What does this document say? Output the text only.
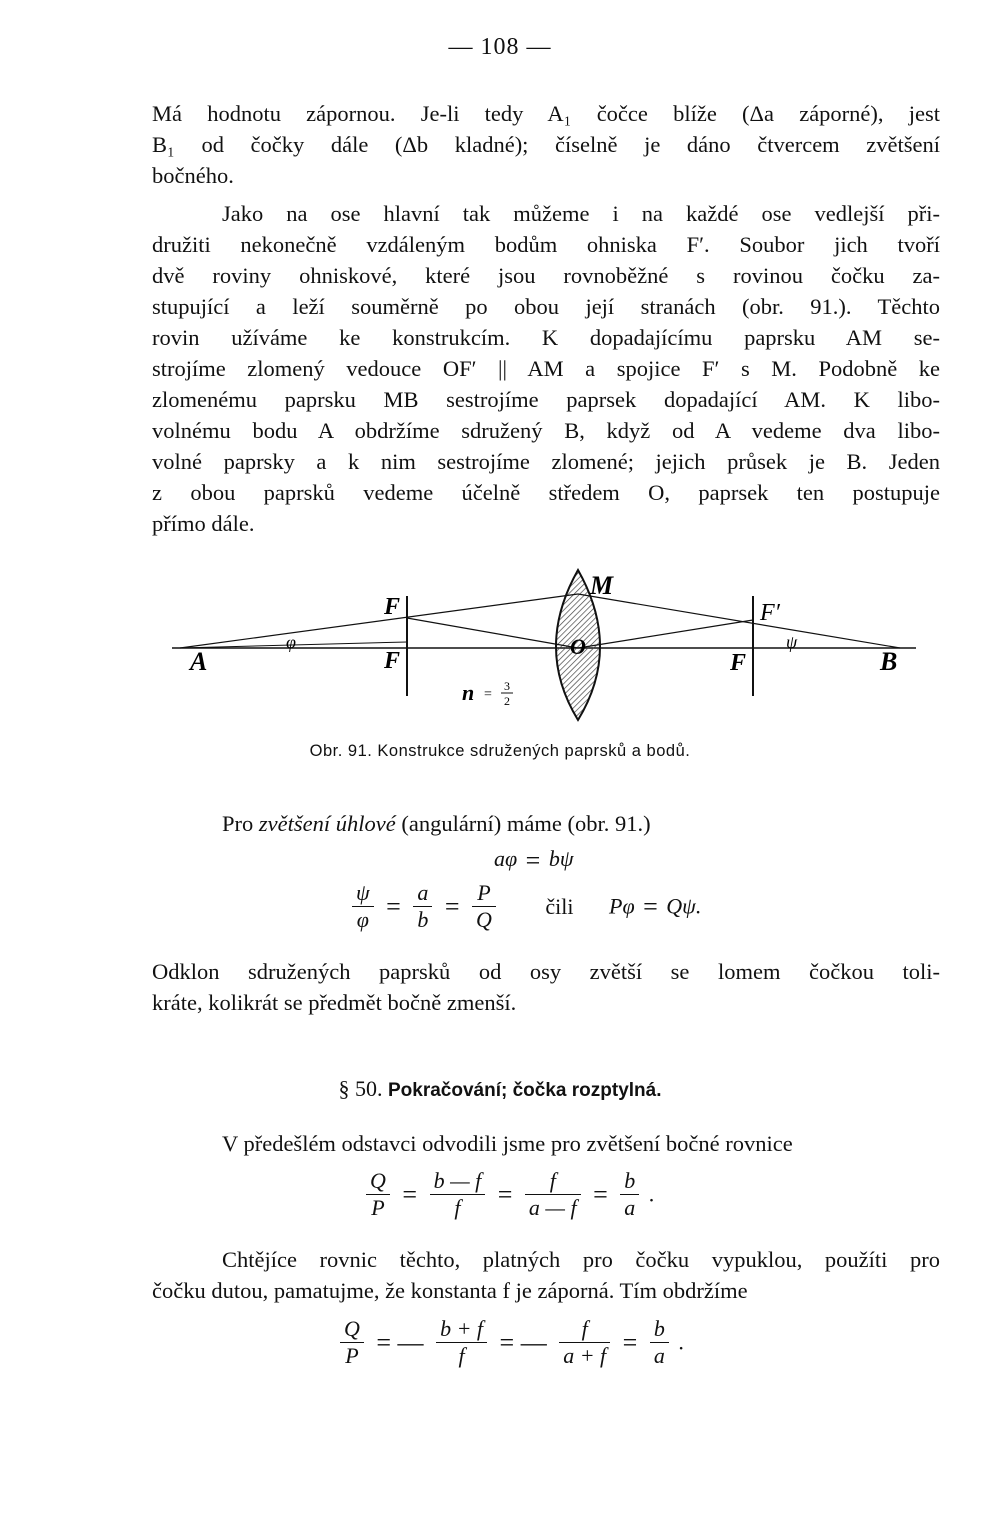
— 108 —
Má hodnotu zápornou. Je-li tedy A₁ čočce blíže (Δa záporné), jest
B₁ od čočky dále (Δb kladné); číselně je dáno čtvercem zvětšení
bočného.
Jako na ose hlavní tak můžeme i na každé ose vedlejší při-
družiti nekonečně vzdáleným bodům ohniska F′. Soubor jich tvoří
dvě roviny ohniskové, které jsou rovnoběžné s rovinou čočku za-
stupující a leží souměrně po obou její stranách (obr. 91.). Těchto
rovin užíváme ke konstrukcím. K dopadajícímu paprsku AM se-
strojíme zlomený vedouce OF′ || AM a spojice F′ s M. Podobně ke
zlomenému paprsku MB sestrojíme paprsek dopadající AM. K libo-
volnému bodu A obdržíme sdružený B, když od A vedeme dva libo-
volné paprsky a k nim sestrojíme zlomené; jejich průsek je B. Jeden
z obou paprsků vedeme účelně středem O, paprsek ten postupuje
přímo dále.
A	B
F
F
F′
F
M
O
φ	ψ
n =
3
2
Obr. 91. Konstrukce sdružených paprsků a bodů.
Pro zvětšení úhlové (angulární) máme (obr. 91.)
aφ = bψ
$\frac{\psi}{\varphi} = \frac{a}{b} = \frac{P}{Q}$ čili Pφ = Qψ.
Odklon sdružených paprsků od osy zvětší se lomem čočkou toli-
kráte, kolikrát se předmět bočně zmenší.
§ 50. Pokračování; čočka rozptylná.
V předešlém odstavci odvodili jsme pro zvětšení bočné rovnice
$\frac{Q}{P} = \frac{b — f}{f} = \frac{f}{a — f} = \frac{b}{a}$ .
Chtějíce rovnic těchto, platných pro čočku vypuklou, použíti pro
čočku dutou, pamatujme, že konstanta f je záporná. Tím obdržíme
$\frac{Q}{P}$ = — $\frac{b + f}{f}$ = — $\frac{f}{a + f} = \frac{b}{a}$ .
